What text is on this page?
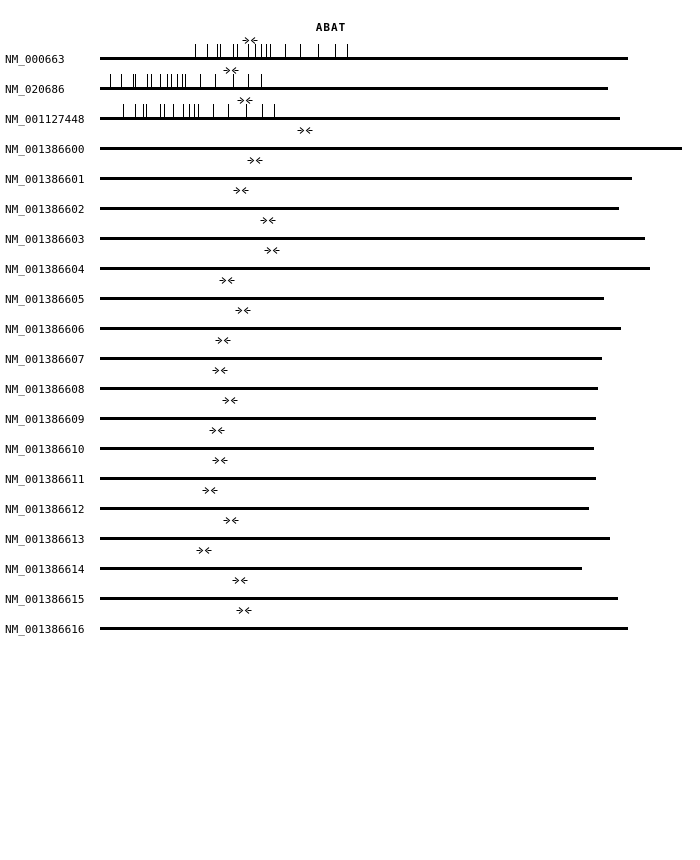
ABAT
NM_000663
NM_020686
NM_001127448
NM_001386600
NM_001386601
NM_001386602
NM_001386603
NM_001386604
NM_001386605
NM_001386606
NM_001386607
NM_001386608
NM_001386609
NM_001386610
NM_001386611
NM_001386612
NM_001386613
NM_001386614
NM_001386615
NM_001386616
